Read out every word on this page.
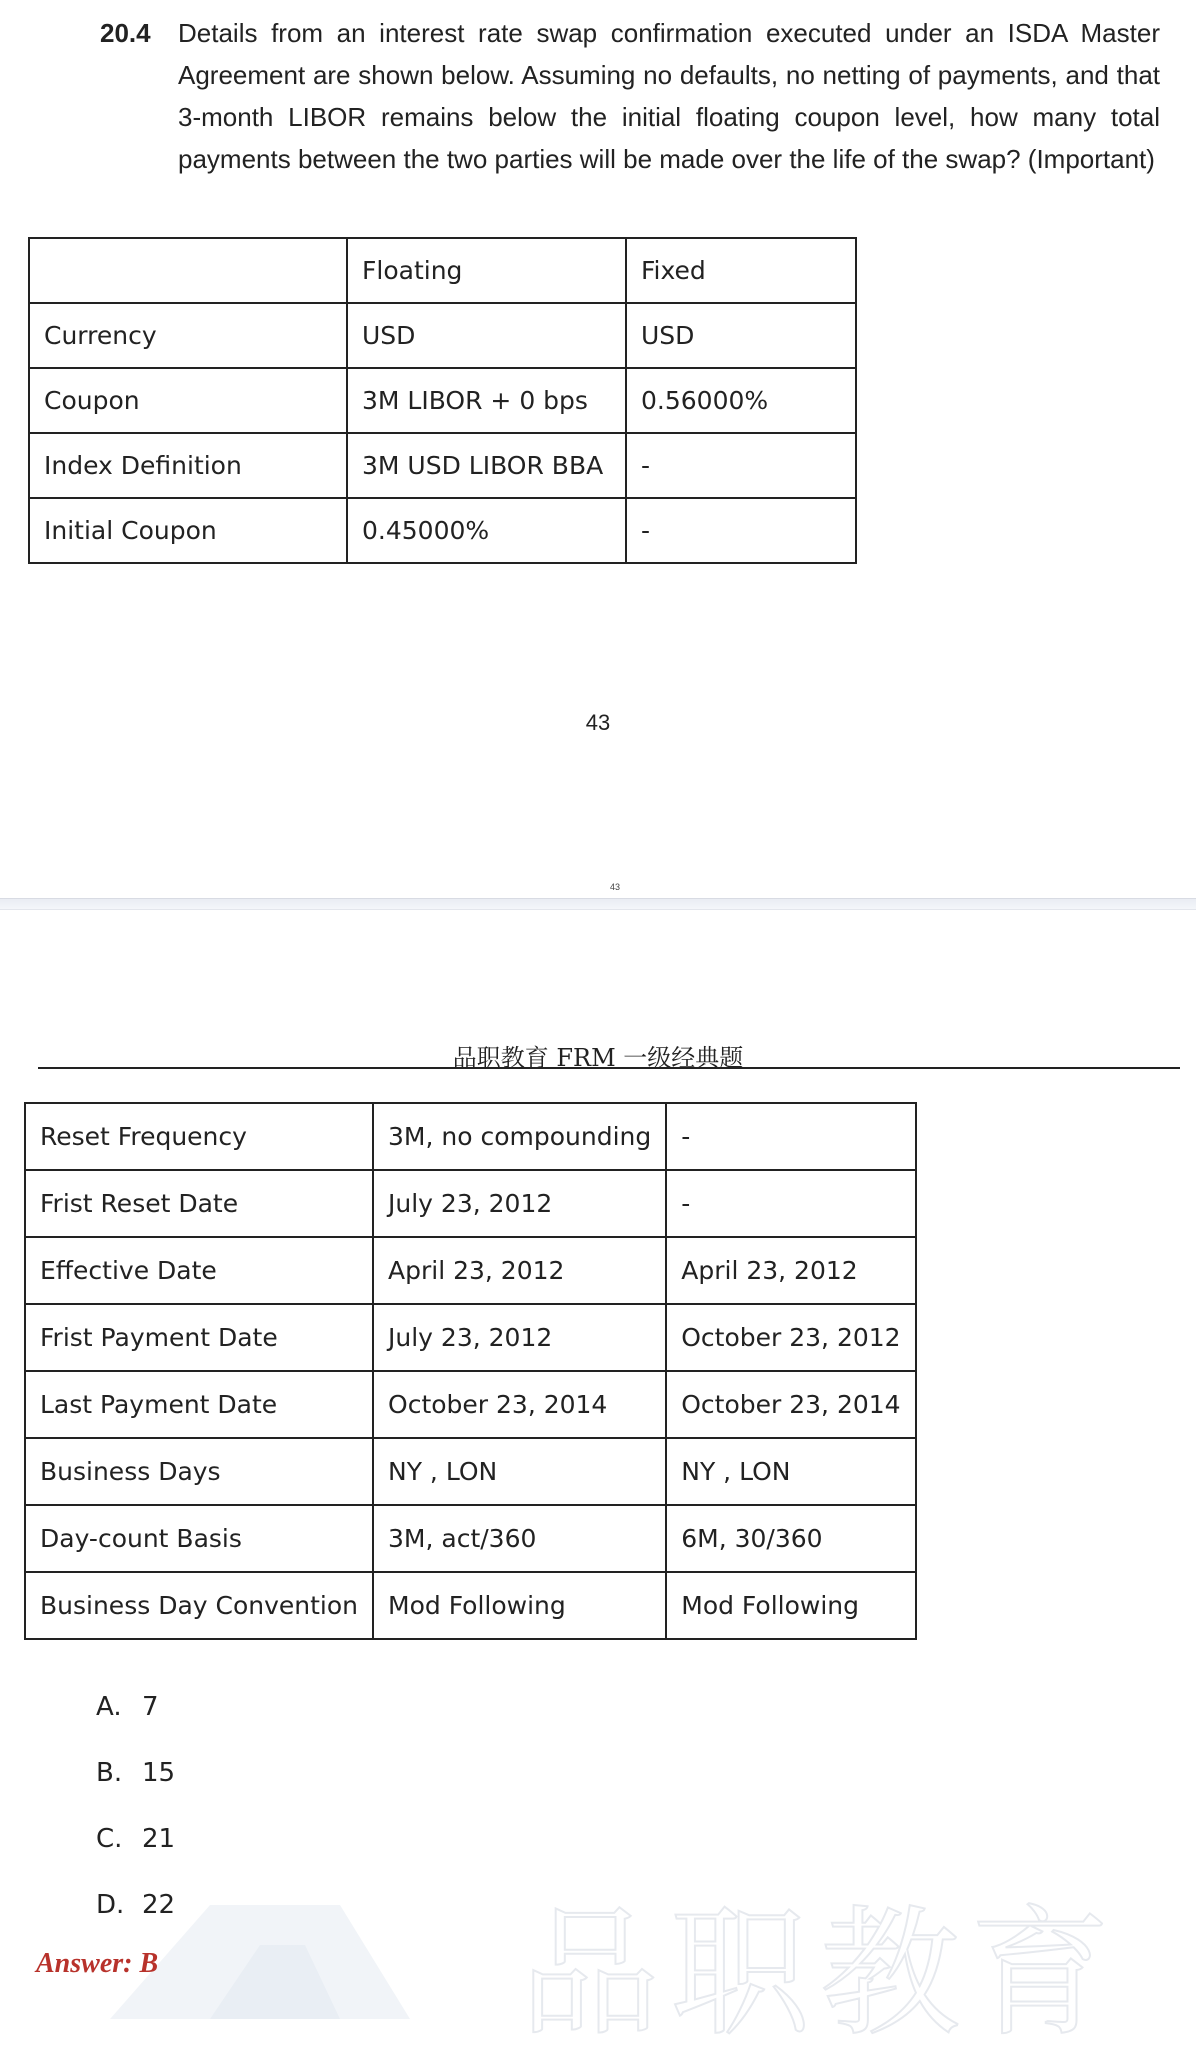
20.4 Details from an interest rate swap confirmation executed under an ISDA Master Agreement are shown below. Assuming no defaults, no netting of payments, and that 3-month LIBOR remains below the initial floating coupon level, how many total payments between the two parties will be made over the life of the swap? (Important)
	Floating	Fixed
Currency	USD	USD
Coupon	3M LIBOR + 0 bps	0.56000%
Index Definition	3M USD LIBOR BBA	-
Initial Coupon	0.45000%	-
43
43
品职教育 FRM 一级经典题
Reset Frequency	3M, no compounding	-
Frist Reset Date	July 23, 2012	-
Effective Date	April 23, 2012	April 23, 2012
Frist Payment Date	July 23, 2012	October 23, 2012
Last Payment Date	October 23, 2014	October 23, 2014
Business Days	NY , LON	NY , LON
Day-count Basis	3M, act/360	6M, 30/360
Business Day Convention	Mod Following	Mod Following
A. 7
B. 15
C. 21
D. 22 品职教育
Answer: B
